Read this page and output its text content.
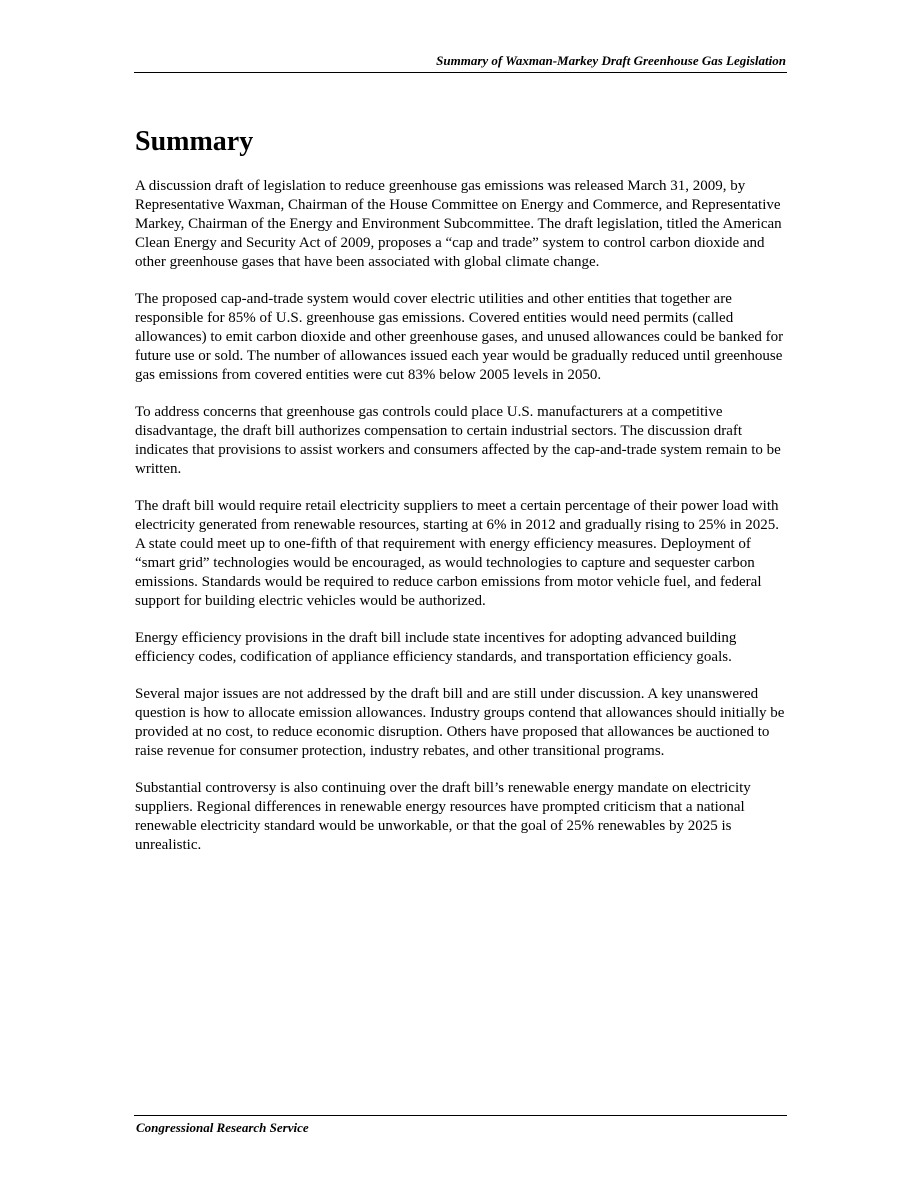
Summary of Waxman-Markey Draft Greenhouse Gas Legislation
Summary

A discussion draft of legislation to reduce greenhouse gas emissions was released March 31, 2009, by Representative Waxman, Chairman of the House Committee on Energy and Commerce, and Representative Markey, Chairman of the Energy and Environment Subcommittee. The draft legislation, titled the American Clean Energy and Security Act of 2009, proposes a “cap and trade” system to control carbon dioxide and other greenhouse gases that have been associated with global climate change.

The proposed cap-and-trade system would cover electric utilities and other entities that together are responsible for 85% of U.S. greenhouse gas emissions. Covered entities would need permits (called allowances) to emit carbon dioxide and other greenhouse gases, and unused allowances could be banked for future use or sold. The number of allowances issued each year would be gradually reduced until greenhouse gas emissions from covered entities were cut 83% below 2005 levels in 2050.

To address concerns that greenhouse gas controls could place U.S. manufacturers at a competitive disadvantage, the draft bill authorizes compensation to certain industrial sectors. The discussion draft indicates that provisions to assist workers and consumers affected by the cap-and-trade system remain to be written.

The draft bill would require retail electricity suppliers to meet a certain percentage of their power load with electricity generated from renewable resources, starting at 6% in 2012 and gradually rising to 25% in 2025. A state could meet up to one-fifth of that requirement with energy efficiency measures. Deployment of “smart grid” technologies would be encouraged, as would technologies to capture and sequester carbon emissions. Standards would be required to reduce carbon emissions from motor vehicle fuel, and federal support for building electric vehicles would be authorized.

Energy efficiency provisions in the draft bill include state incentives for adopting advanced building efficiency codes, codification of appliance efficiency standards, and transportation efficiency goals.

Several major issues are not addressed by the draft bill and are still under discussion. A key unanswered question is how to allocate emission allowances. Industry groups contend that allowances should initially be provided at no cost, to reduce economic disruption. Others have proposed that allowances be auctioned to raise revenue for consumer protection, industry rebates, and other transitional programs.

Substantial controversy is also continuing over the draft bill’s renewable energy mandate on electricity suppliers. Regional differences in renewable energy resources have prompted criticism that a national renewable electricity standard would be unworkable, or that the goal of 25% renewables by 2025 is unrealistic.

Congressional Research Service
